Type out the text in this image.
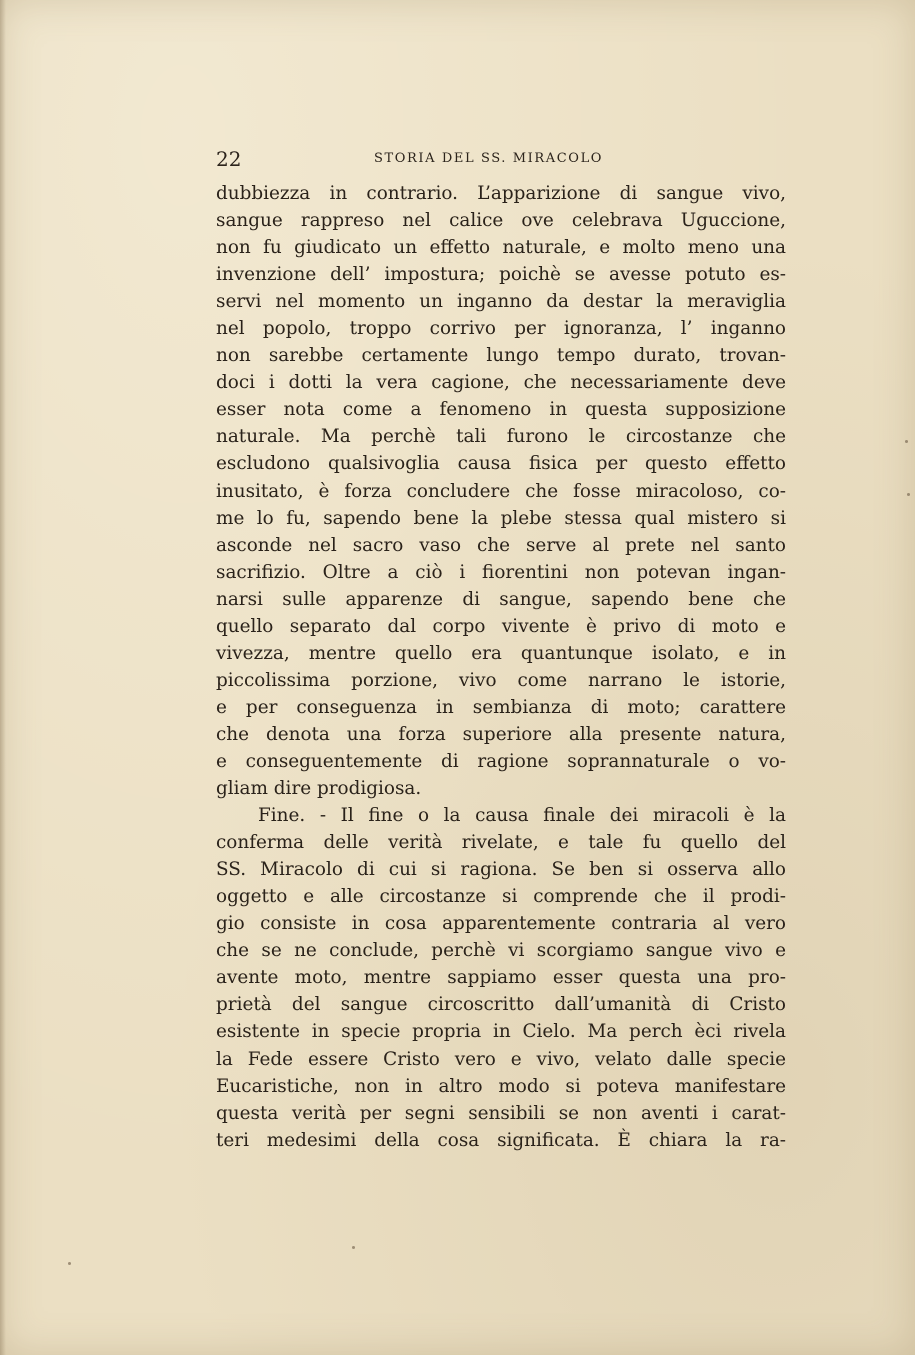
22	STORIA DEL SS. MIRACOLO
dubbiezza in contrario. L’apparizione di sangue vivo,
sangue rappreso nel calice ove celebrava Uguccione,
non fu giudicato un effetto naturale, e molto meno una
invenzione dell’ impostura; poichè se avesse potuto es-
servi nel momento un inganno da destar la meraviglia
nel popolo, troppo corrivo per ignoranza, l’ inganno
non sarebbe certamente lungo tempo durato, trovan-
doci i dotti la vera cagione, che necessariamente deve
esser nota come a fenomeno in questa supposizione
naturale. Ma perchè tali furono le circostanze che
escludono qualsivoglia causa fisica per questo effetto
inusitato, è forza concludere che fosse miracoloso, co-
me lo fu, sapendo bene la plebe stessa qual mistero si
asconde nel sacro vaso che serve al prete nel santo
sacrifizio. Oltre a ciò i fiorentini non potevan ingan-
narsi sulle apparenze di sangue, sapendo bene che
quello separato dal corpo vivente è privo di moto e
vivezza, mentre quello era quantunque isolato, e in
piccolissima porzione, vivo come narrano le istorie,
e per conseguenza in sembianza di moto; carattere
che denota una forza superiore alla presente natura,
e conseguentemente di ragione soprannaturale o vo-
gliam dire prodigiosa.
Fine. - Il fine o la causa finale dei miracoli è la
conferma delle verità rivelate, e tale fu quello del
SS. Miracolo di cui si ragiona. Se ben si osserva allo
oggetto e alle circostanze si comprende che il prodi-
gio consiste in cosa apparentemente contraria al vero
che se ne conclude, perchè vi scorgiamo sangue vivo e
avente moto, mentre sappiamo esser questa una pro-
prietà del sangue circoscritto dall’umanità di Cristo
esistente in specie propria in Cielo. Ma perch èci rivela
la Fede essere Cristo vero e vivo, velato dalle specie
Eucaristiche, non in altro modo si poteva manifestare
questa verità per segni sensibili se non aventi i carat-
teri medesimi della cosa significata. È chiara la ra-
